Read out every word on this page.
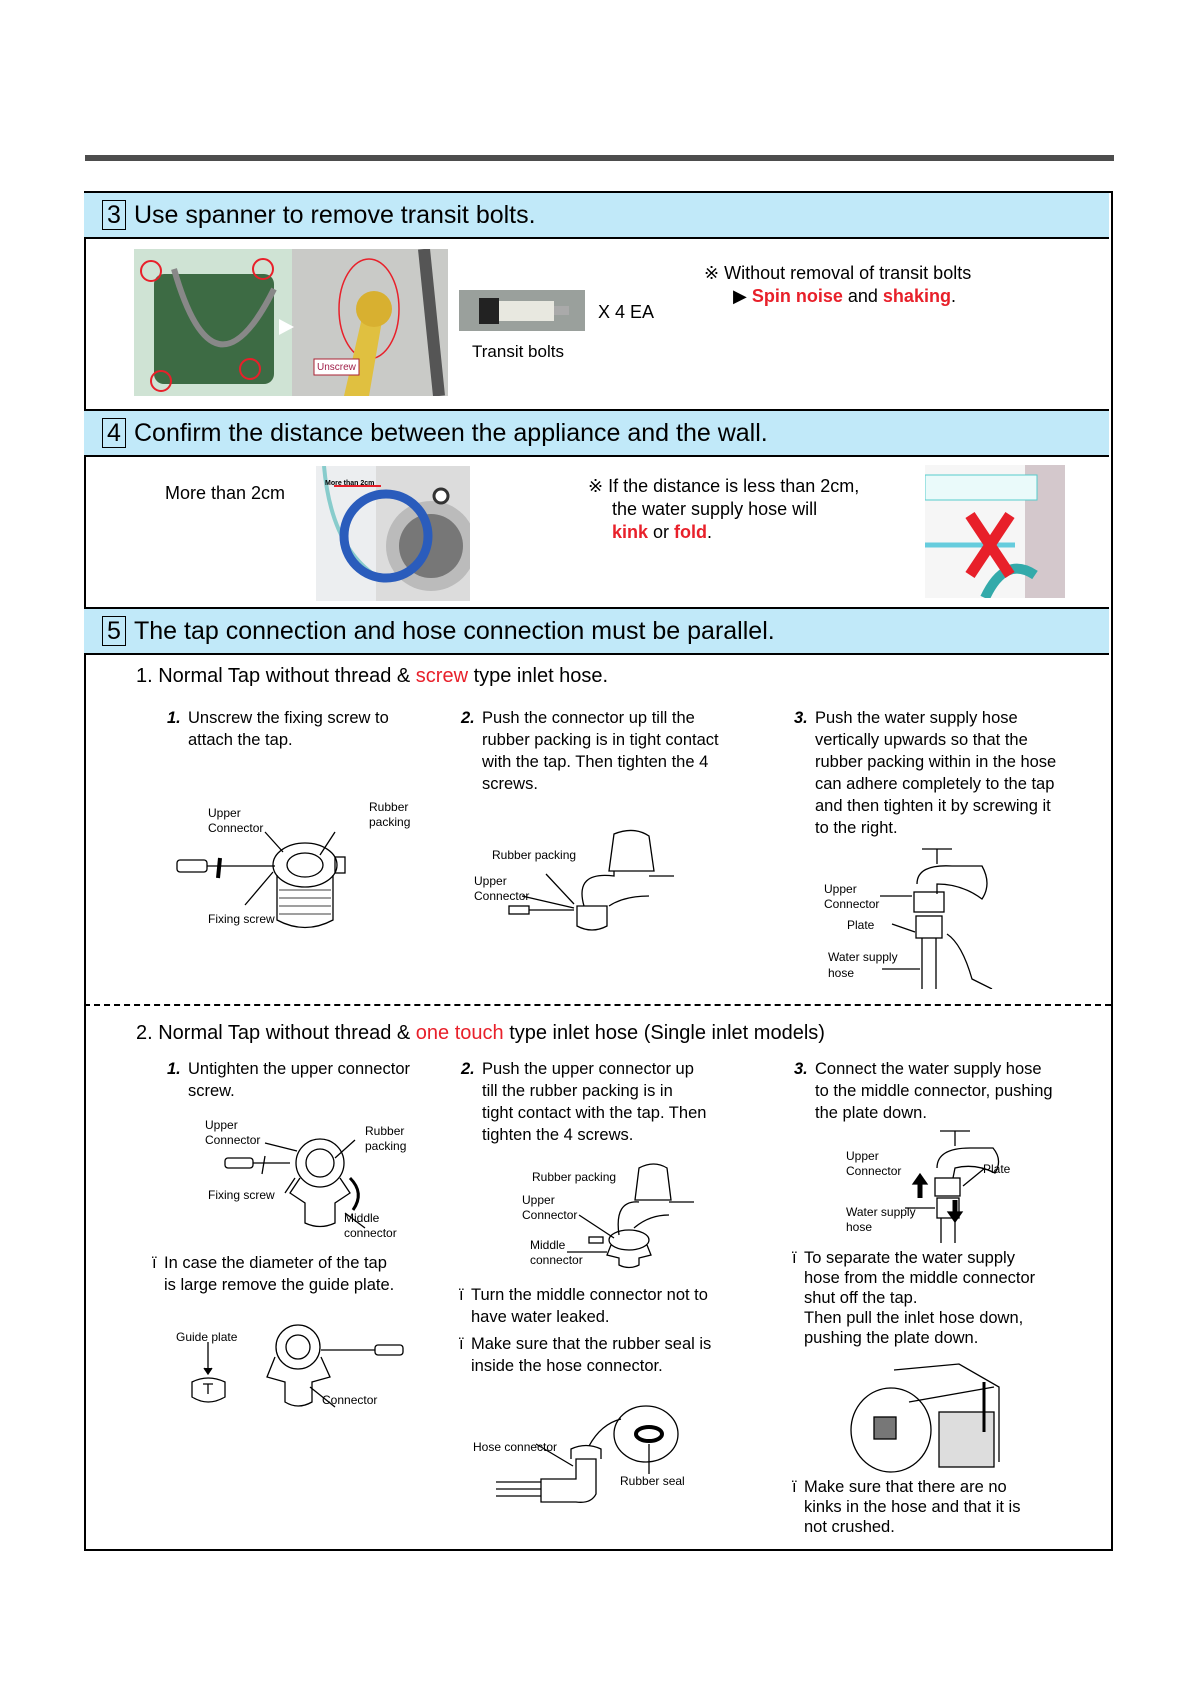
3 Use spanner to remove transit bolts.
Unscrew
X 4 EA
Transit bolts
※ Without removal of transit bolts
▶ Spin noise and shaking.
4 Confirm the distance between the appliance and the wall.
More than 2cm	More than 2cm	※ If the distance is less than 2cm,
the water supply hose will
kink or fold.
5 The tap connection and hose connection must be parallel.
1. Normal Tap without thread & screw type inlet hose.
1. Unscrew the fixing screw to
attach the tap.
2. Push the connector up till the
rubber packing is in tight contact
with the tap. Then tighten the 4
screws.
3. Push the water supply hose
vertically upwards so that the
rubber packing within in the hose
can adhere completely to the tap
and then tighten it by screwing it
to the right.
Upper
Connector
Rubber
packing
Fixing screw
Rubber packing
Upper
Connector	Upper
Connector
Plate
Water supply
hose
2. Normal Tap without thread & one touch type inlet hose (Single inlet models)
1. Untighten the upper connector
screw.
2. Push the upper connector up
till the rubber packing is in
tight contact with the tap. Then
tighten the 4 screws.
3. Connect the water supply hose
to the middle connector, pushing
the plate down.
Upper
Connector
Rubber
packing
Fixing screw
Middle
connector
ï In case the diameter of the tap
is large remove the guide plate.
Guide plate
Connector
Rubber packing
Upper
Connector
Middle
connector
ï Turn the middle connector not to
have water leaked.
ï Make sure that the rubber seal is
inside the hose connector.
Hose connector
Rubber seal
Upper
Connector	Plate
Water supply
hose
ï To separate the water supply
hose from the middle connector
shut off the tap.
Then pull the inlet hose down,
pushing the plate down.
ï Make sure that there are no
kinks in the hose and that it is
not crushed.
